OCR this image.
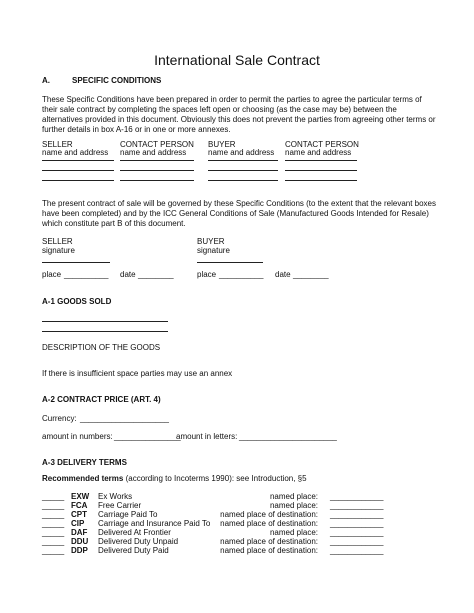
International Sale Contract
A.	SPECIFIC CONDITIONS
These Specific Conditions have been prepared in order to permit the parties to agree the particular terms of their sale contract by completing the spaces left open or choosing (as the case may be) between the alternatives provided in this document. Obviously this does not prevent the parties from agreeing other terms or further details in box A-16 or in one or more annexes.
SELLER
name and address
CONTACT PERSON
name and address
BUYER
name and address
CONTACT PERSON
name and address
The present contract of sale will be governed by these Specific Conditions (to the extent that the relevant boxes have been completed) and by the ICC General Conditions of Sale (Manufactured Goods Intended for Resale) which constitute part B of this document.
SELLER
signature
BUYER
signature
place __________ date ________	place __________ date ________
A-1 GOODS SOLD
DESCRIPTION OF THE GOODS
If there is insufficient space parties may use an annex
A-2 CONTRACT PRICE (ART. 4)
Currency: ____________________
amount in numbers: _______________
amount in letters: ______________________
A-3 DELIVERY TERMS
Recommended terms (according to Incoterms 1990): see Introduction, §5
_____ EXW Ex Works	named place: ____________
_____ FCA Free Carrier	named place: ____________
_____ CPT Carriage Paid To	named place of destination: ____________
_____ CIP Carriage and Insurance Paid To named place of destination: ____________
_____ DAF Delivered At Frontier	named place: ____________
_____ DDU Delivered Duty Unpaid	named place of destination: ____________
_____ DDP Delivered Duty Paid	named place of destination: ____________
